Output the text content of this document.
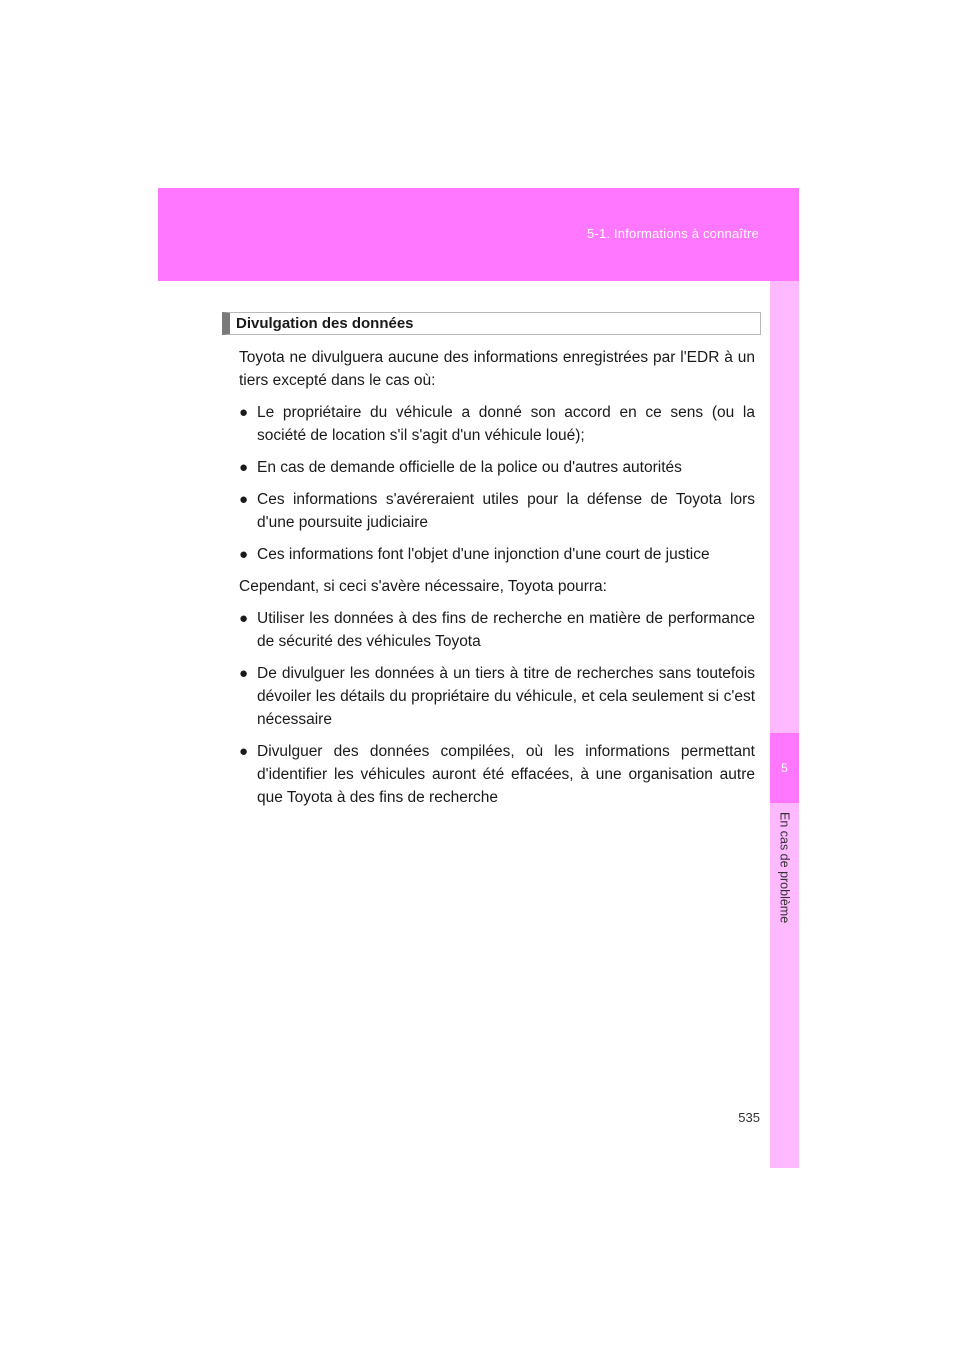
5-1. Informations à connaître
5
En cas de problème
Divulgation des données

Toyota ne divulguera aucune des informations enregistrées par l'EDR à un tiers excepté dans le cas où:

● Le propriétaire du véhicule a donné son accord en ce sens (ou la société de location s'il s'agit d'un véhicule loué);
● En cas de demande officielle de la police ou d'autres autorités
● Ces informations s'avéreraient utiles pour la défense de Toyota lors d'une poursuite judiciaire
● Ces informations font l'objet d'une injonction d'une court de justice

Cependant, si ceci s'avère nécessaire, Toyota pourra:

● Utiliser les données à des fins de recherche en matière de performance de sécurité des véhicules Toyota
● De divulguer les données à un tiers à titre de recherches sans toutefois dévoiler les détails du propriétaire du véhicule, et cela seulement si c'est nécessaire
● Divulguer des données compilées, où les informations permettant d'identifier les véhicules auront été effacées, à une organisation autre que Toyota à des fins de recherche
535
